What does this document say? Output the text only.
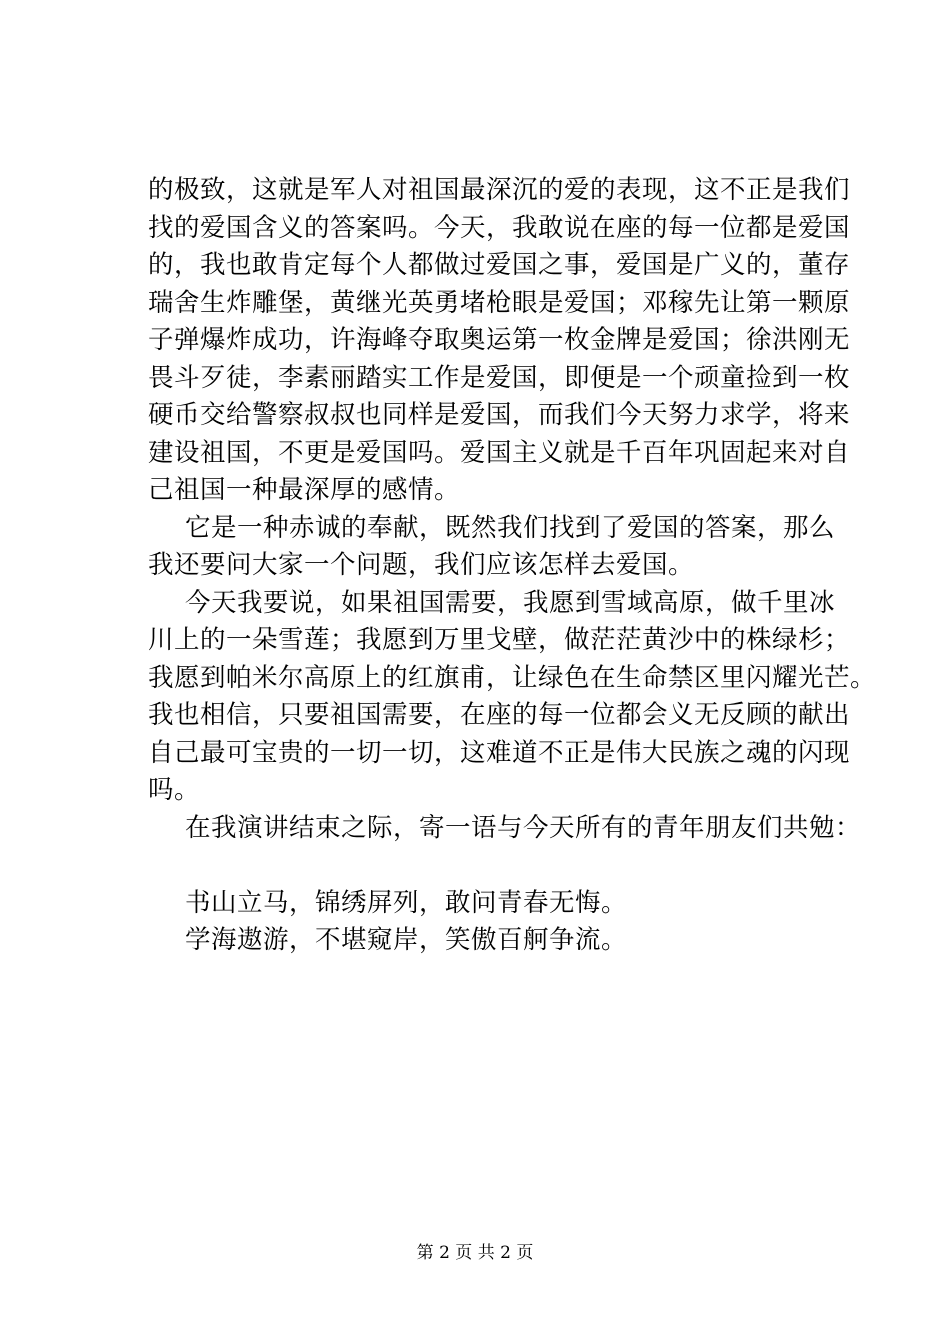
的极致，这就是军人对祖国最深沉的爱的表现，这不正是我们
找的爱国含义的答案吗。今天，我敢说在座的每一位都是爱国
的，我也敢肯定每个人都做过爱国之事，爱国是广义的，董存
瑞舍生炸雕堡，黄继光英勇堵枪眼是爱国；邓稼先让第一颗原
子弹爆炸成功，许海峰夺取奥运第一枚金牌是爱国；徐洪刚无
畏斗歹徒，李素丽踏实工作是爱国，即便是一个顽童捡到一枚
硬币交给警察叔叔也同样是爱国，而我们今天努力求学，将来
建设祖国，不更是爱国吗。爱国主义就是千百年巩固起来对自
己祖国一种最深厚的感情。
它是一种赤诚的奉献，既然我们找到了爱国的答案，那么
我还要问大家一个问题，我们应该怎样去爱国。
今天我要说，如果祖国需要，我愿到雪域高原，做千里冰
川上的一朵雪莲；我愿到万里戈壁，做茫茫黄沙中的株绿杉；
我愿到帕米尔高原上的红旗甫，让绿色在生命禁区里闪耀光芒。
我也相信，只要祖国需要，在座的每一位都会义无反顾的献出
自己最可宝贵的一切一切，这难道不正是伟大民族之魂的闪现
吗。
在我演讲结束之际，寄一语与今天所有的青年朋友们共勉：
书山立马，锦绣屏列，敢问青春无悔。
学海遨游，不堪窥岸，笑傲百舸争流。
第 2 页 共 2 页
